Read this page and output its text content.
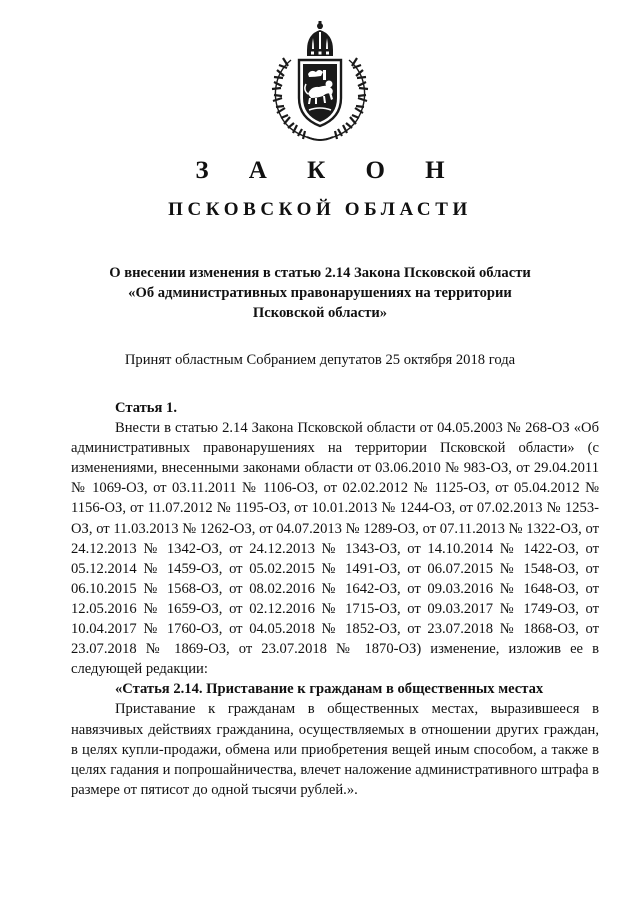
З А К О Н
ПСКОВСКОЙ ОБЛАСТИ
О внесении изменения в статью 2.14 Закона Псковской области
«Об административных правонарушениях на территории
Псковской области»
Принят областным Собранием депутатов 25 октября 2018 года

Статья 1.

Внести в статью 2.14 Закона Псковской области от 04.05.2003 № 268-ОЗ «Об административных правонарушениях на территории Псковской области» (с изменениями, внесенными законами области от 03.06.2010 № 983-ОЗ, от 29.04.2011 № 1069-ОЗ, от 03.11.2011 № 1106-ОЗ, от 02.02.2012 № 1125-ОЗ, от 05.04.2012 № 1156-ОЗ, от 11.07.2012 № 1195-ОЗ, от 10.01.2013 № 1244-ОЗ, от 07.02.2013 № 1253-ОЗ, от 11.03.2013 № 1262-ОЗ, от 04.07.2013 № 1289-ОЗ, от 07.11.2013 № 1322-ОЗ, от 24.12.2013 № 1342-ОЗ, от 24.12.2013 № 1343-ОЗ, от 14.10.2014 № 1422-ОЗ, от 05.12.2014 № 1459-ОЗ, от 05.02.2015 № 1491-ОЗ, от 06.07.2015 № 1548-ОЗ, от 06.10.2015 № 1568-ОЗ, от 08.02.2016 № 1642-ОЗ, от 09.03.2016 № 1648-ОЗ, от 12.05.2016 № 1659-ОЗ, от 02.12.2016 № 1715-ОЗ, от 09.03.2017 № 1749-ОЗ, от 10.04.2017 № 1760-ОЗ, от 04.05.2018 № 1852-ОЗ, от 23.07.2018 № 1868-ОЗ, от 23.07.2018 № 1869-ОЗ, от 23.07.2018 № 1870-ОЗ) изменение, изложив ее в следующей редакции:

«Статья 2.14. Приставание к гражданам в общественных местах

Приставание к гражданам в общественных местах, выразившееся в навязчивых действиях гражданина, осуществляемых в отношении других граждан, в целях купли-продажи, обмена или приобретения вещей иным способом, а также в целях гадания и попрошайничества, влечет наложение административного штрафа в размере от пятисот до одной тысячи рублей.».
